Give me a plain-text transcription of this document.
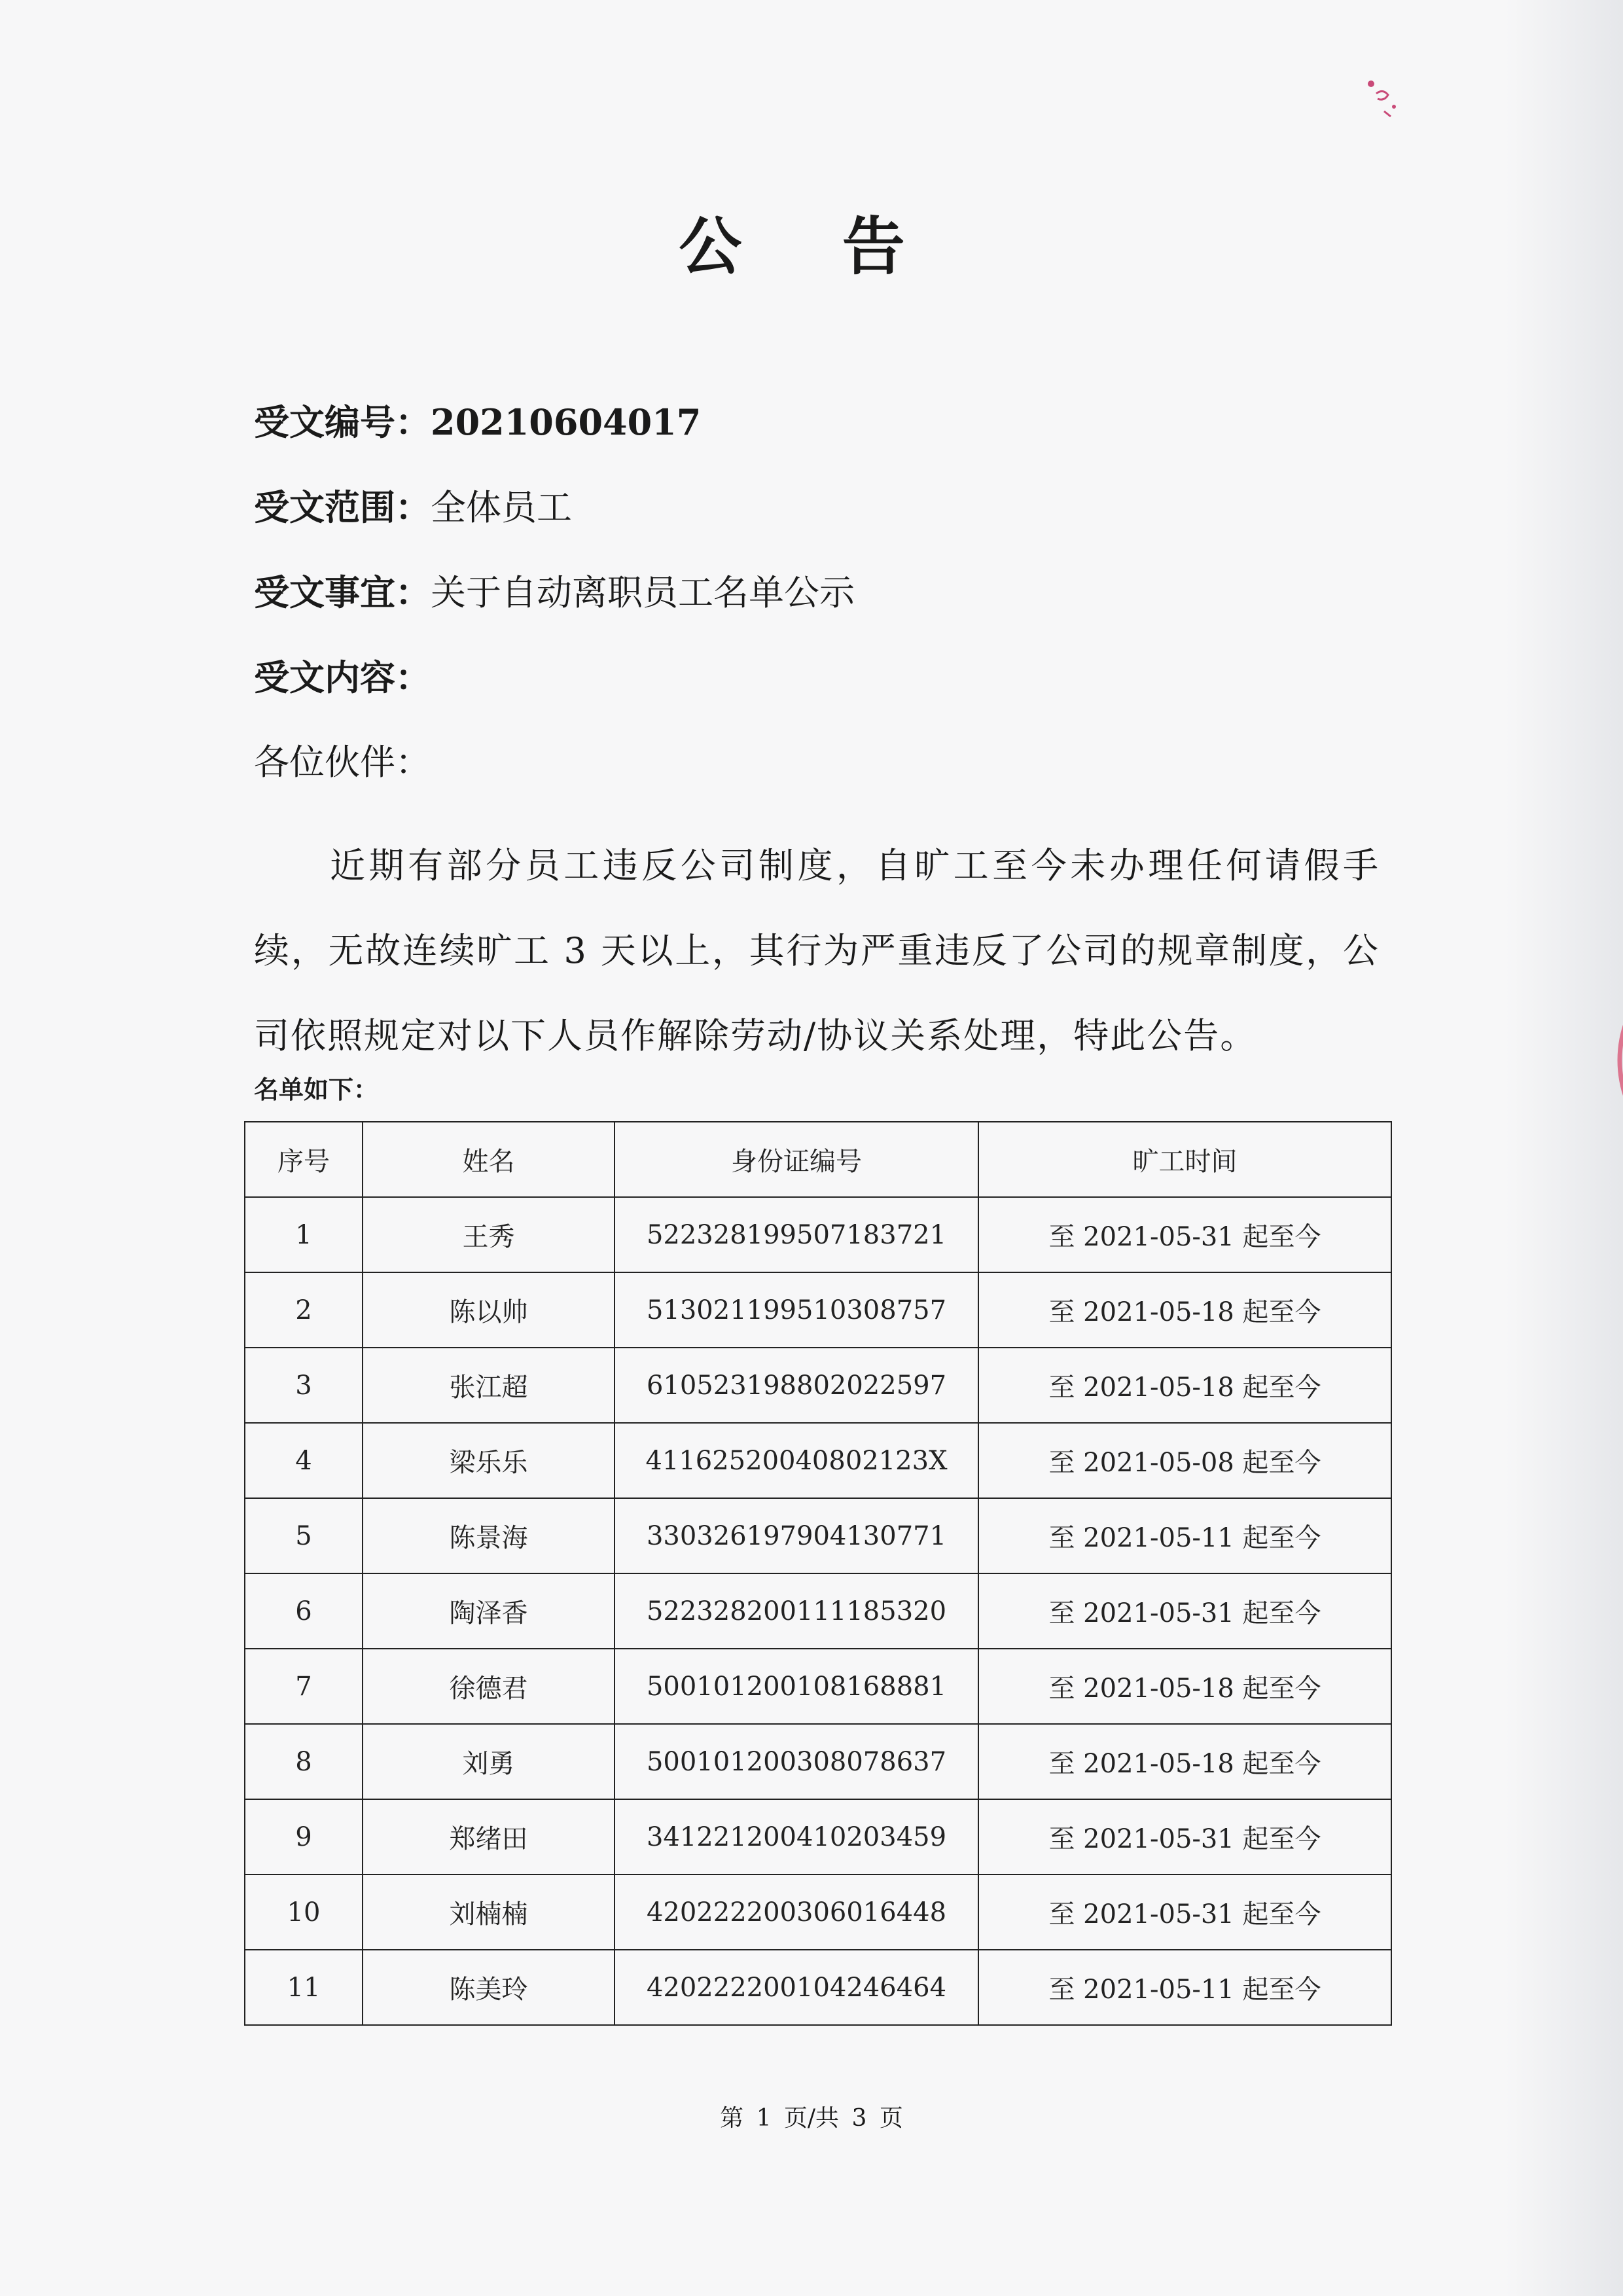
公 告
受文编号：20210604017
受文范围：全体员工
受文事宜：关于自动离职员工名单公示
受文内容：
各位伙伴：
近期有部分员工违反公司制度，自旷工至今未办理任何请假手续，无故连续旷工 3 天以上，其行为严重违反了公司的规章制度，公司依照规定对以下人员作解除劳动/协议关系处理，特此公告。
名单如下：
序号	姓名	身份证编号	旷工时间
1	王秀	522328199507183721	至 2021-05-31 起至今
2	陈以帅	513021199510308757	至 2021-05-18 起至今
3	张江超	610523198802022597	至 2021-05-18 起至今
4	梁乐乐	41162520040802123X	至 2021-05-08 起至今
5	陈景海	330326197904130771	至 2021-05-11 起至今
6	陶泽香	522328200111185320	至 2021-05-31 起至今
7	徐德君	500101200108168881	至 2021-05-18 起至今
8	刘勇	500101200308078637	至 2021-05-18 起至今
9	郑绪田	341221200410203459	至 2021-05-31 起至今
10	刘楠楠	420222200306016448	至 2021-05-31 起至今
11	陈美玲	420222200104246464	至 2021-05-11 起至今
第 1 页/共 3 页
